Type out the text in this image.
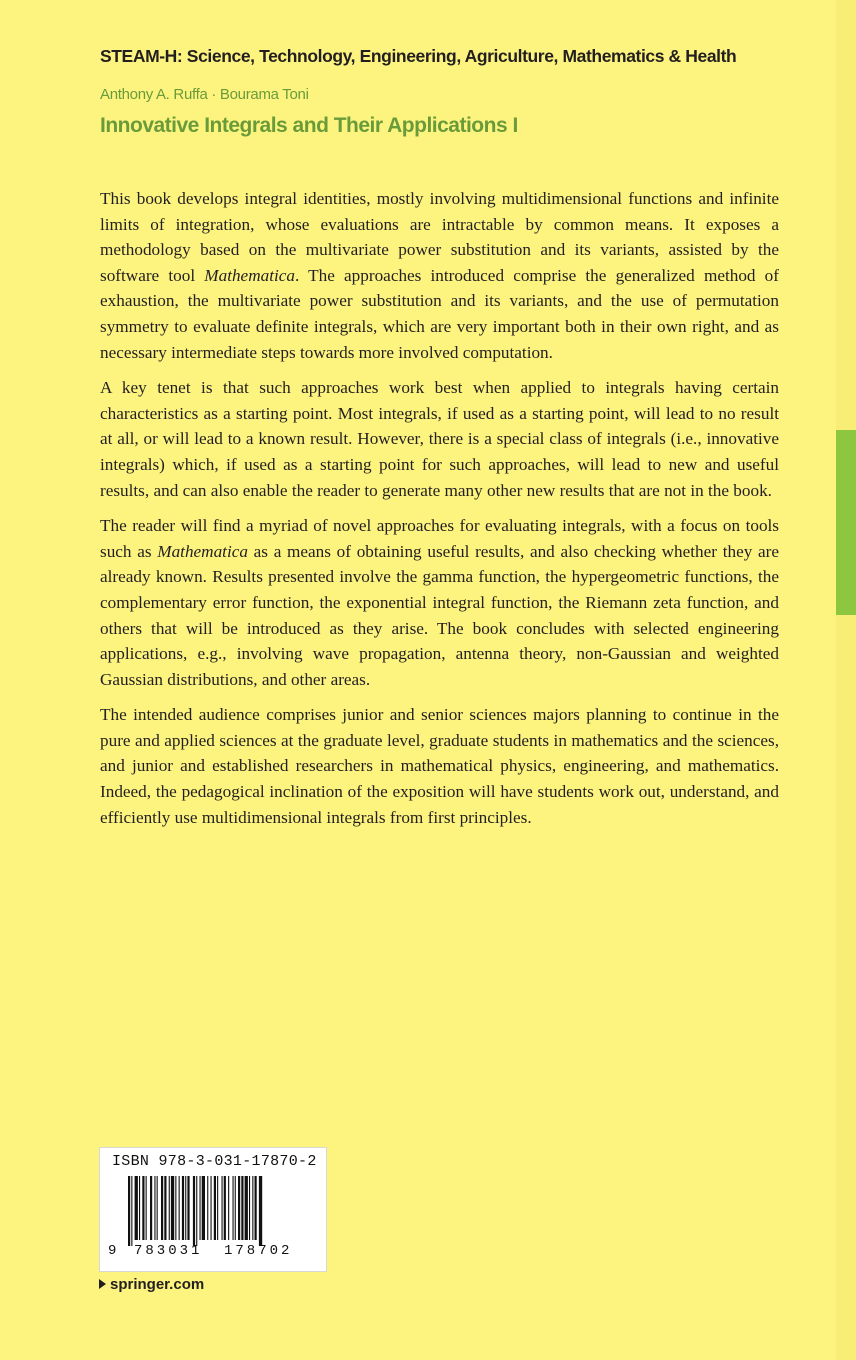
STEAM-H: Science, Technology, Engineering, Agriculture, Mathematics & Health
Anthony A. Ruffa · Bourama Toni
Innovative Integrals and Their Applications I

This book develops integral identities, mostly involving multidimensional functions and infinite limits of integration, whose evaluations are intractable by common means. It exposes a methodology based on the multivariate power substitution and its variants, assisted by the software tool Mathematica. The approaches introduced comprise the generalized method of exhaustion, the multivariate power substitution and its variants, and the use of permutation symmetry to evaluate definite integrals, which are very important both in their own right, and as necessary intermediate steps towards more involved computation.

A key tenet is that such approaches work best when applied to integrals having certain characteristics as a starting point. Most integrals, if used as a starting point, will lead to no result at all, or will lead to a known result. However, there is a special class of integrals (i.e., innovative integrals) which, if used as a starting point for such approaches, will lead to new and useful results, and can also enable the reader to generate many other new results that are not in the book.

The reader will find a myriad of novel approaches for evaluating integrals, with a focus on tools such as Mathematica as a means of obtaining useful results, and also checking whether they are already known. Results presented involve the gamma function, the hypergeometric functions, the complementary error function, the exponential integral function, the Riemann zeta function, and others that will be introduced as they arise. The book concludes with selected engineering applications, e.g., involving wave propagation, antenna theory, non-Gaussian and weighted Gaussian distributions, and other areas.

The intended audience comprises junior and senior sciences majors planning to continue in the pure and applied sciences at the graduate level, graduate students in mathematics and the sciences, and junior and established researchers in mathematical physics, engineering, and mathematics. Indeed, the pedagogical inclination of the exposition will have students work out, understand, and efficiently use multidimensional integrals from first principles.

ISBN 978-3-031-17870-2
9 783031 178702
springer.com
